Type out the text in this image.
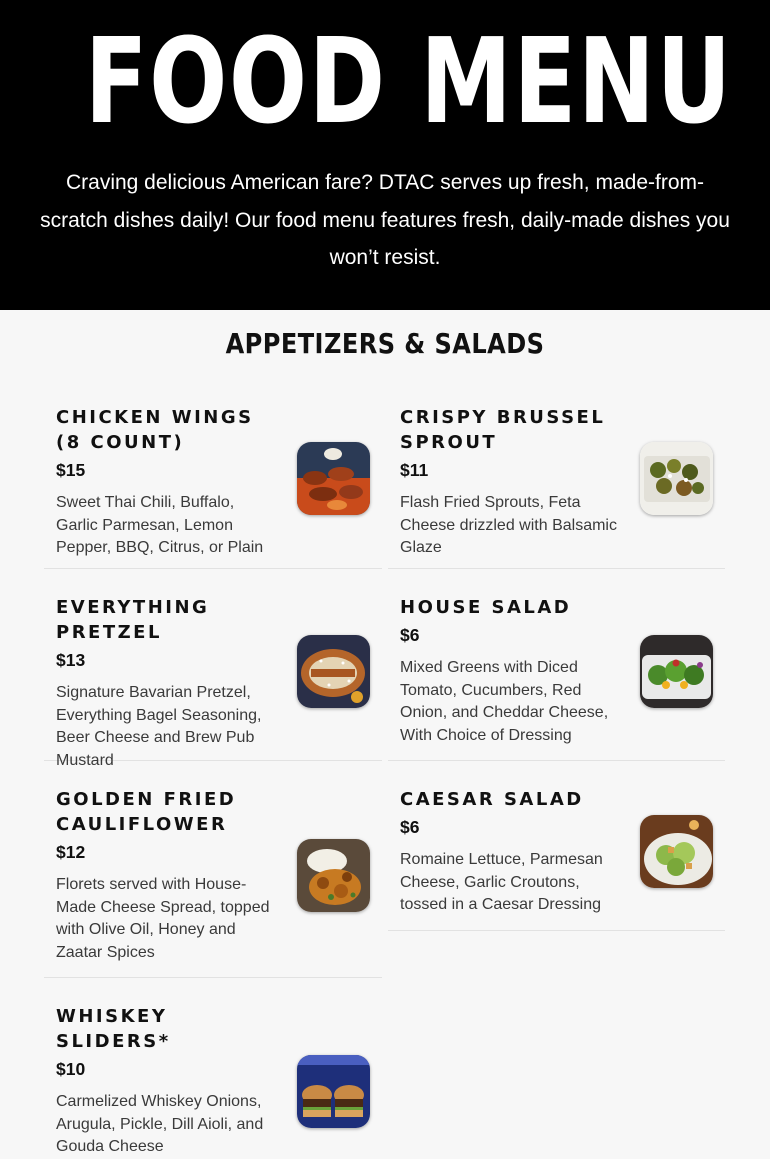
FOOD MENU

Craving delicious American fare? DTAC serves up fresh, made-from-scratch dishes daily! Our food menu features fresh, daily-made dishes you won’t resist.

APPETIZERS & SALADS
CHICKEN WINGS (8 COUNT)
$15
Sweet Thai Chili, Buffalo, Garlic Parmesan, Lemon Pepper, BBQ, Citrus, or Plain
EVERYTHING PRETZEL
$13
Signature Bavarian Pretzel, Everything Bagel Seasoning, Beer Cheese and Brew Pub Mustard
GOLDEN FRIED CAULIFLOWER
$12
Florets served with House-Made Cheese Spread, topped with Olive Oil, Honey and Zaatar Spices
WHISKEY SLIDERS*
$10
Carmelized Whiskey Onions, Arugula, Pickle, Dill Aioli, and Gouda Cheese
CRISPY BRUSSEL SPROUT
$11
Flash Fried Sprouts, Feta Cheese drizzled with Balsamic Glaze
HOUSE SALAD
$6
Mixed Greens with Diced Tomato, Cucumbers, Red Onion, and Cheddar Cheese, With Choice of Dressing
CAESAR SALAD
$6
Romaine Lettuce, Parmesan Cheese, Garlic Croutons, tossed in a Caesar Dressing
